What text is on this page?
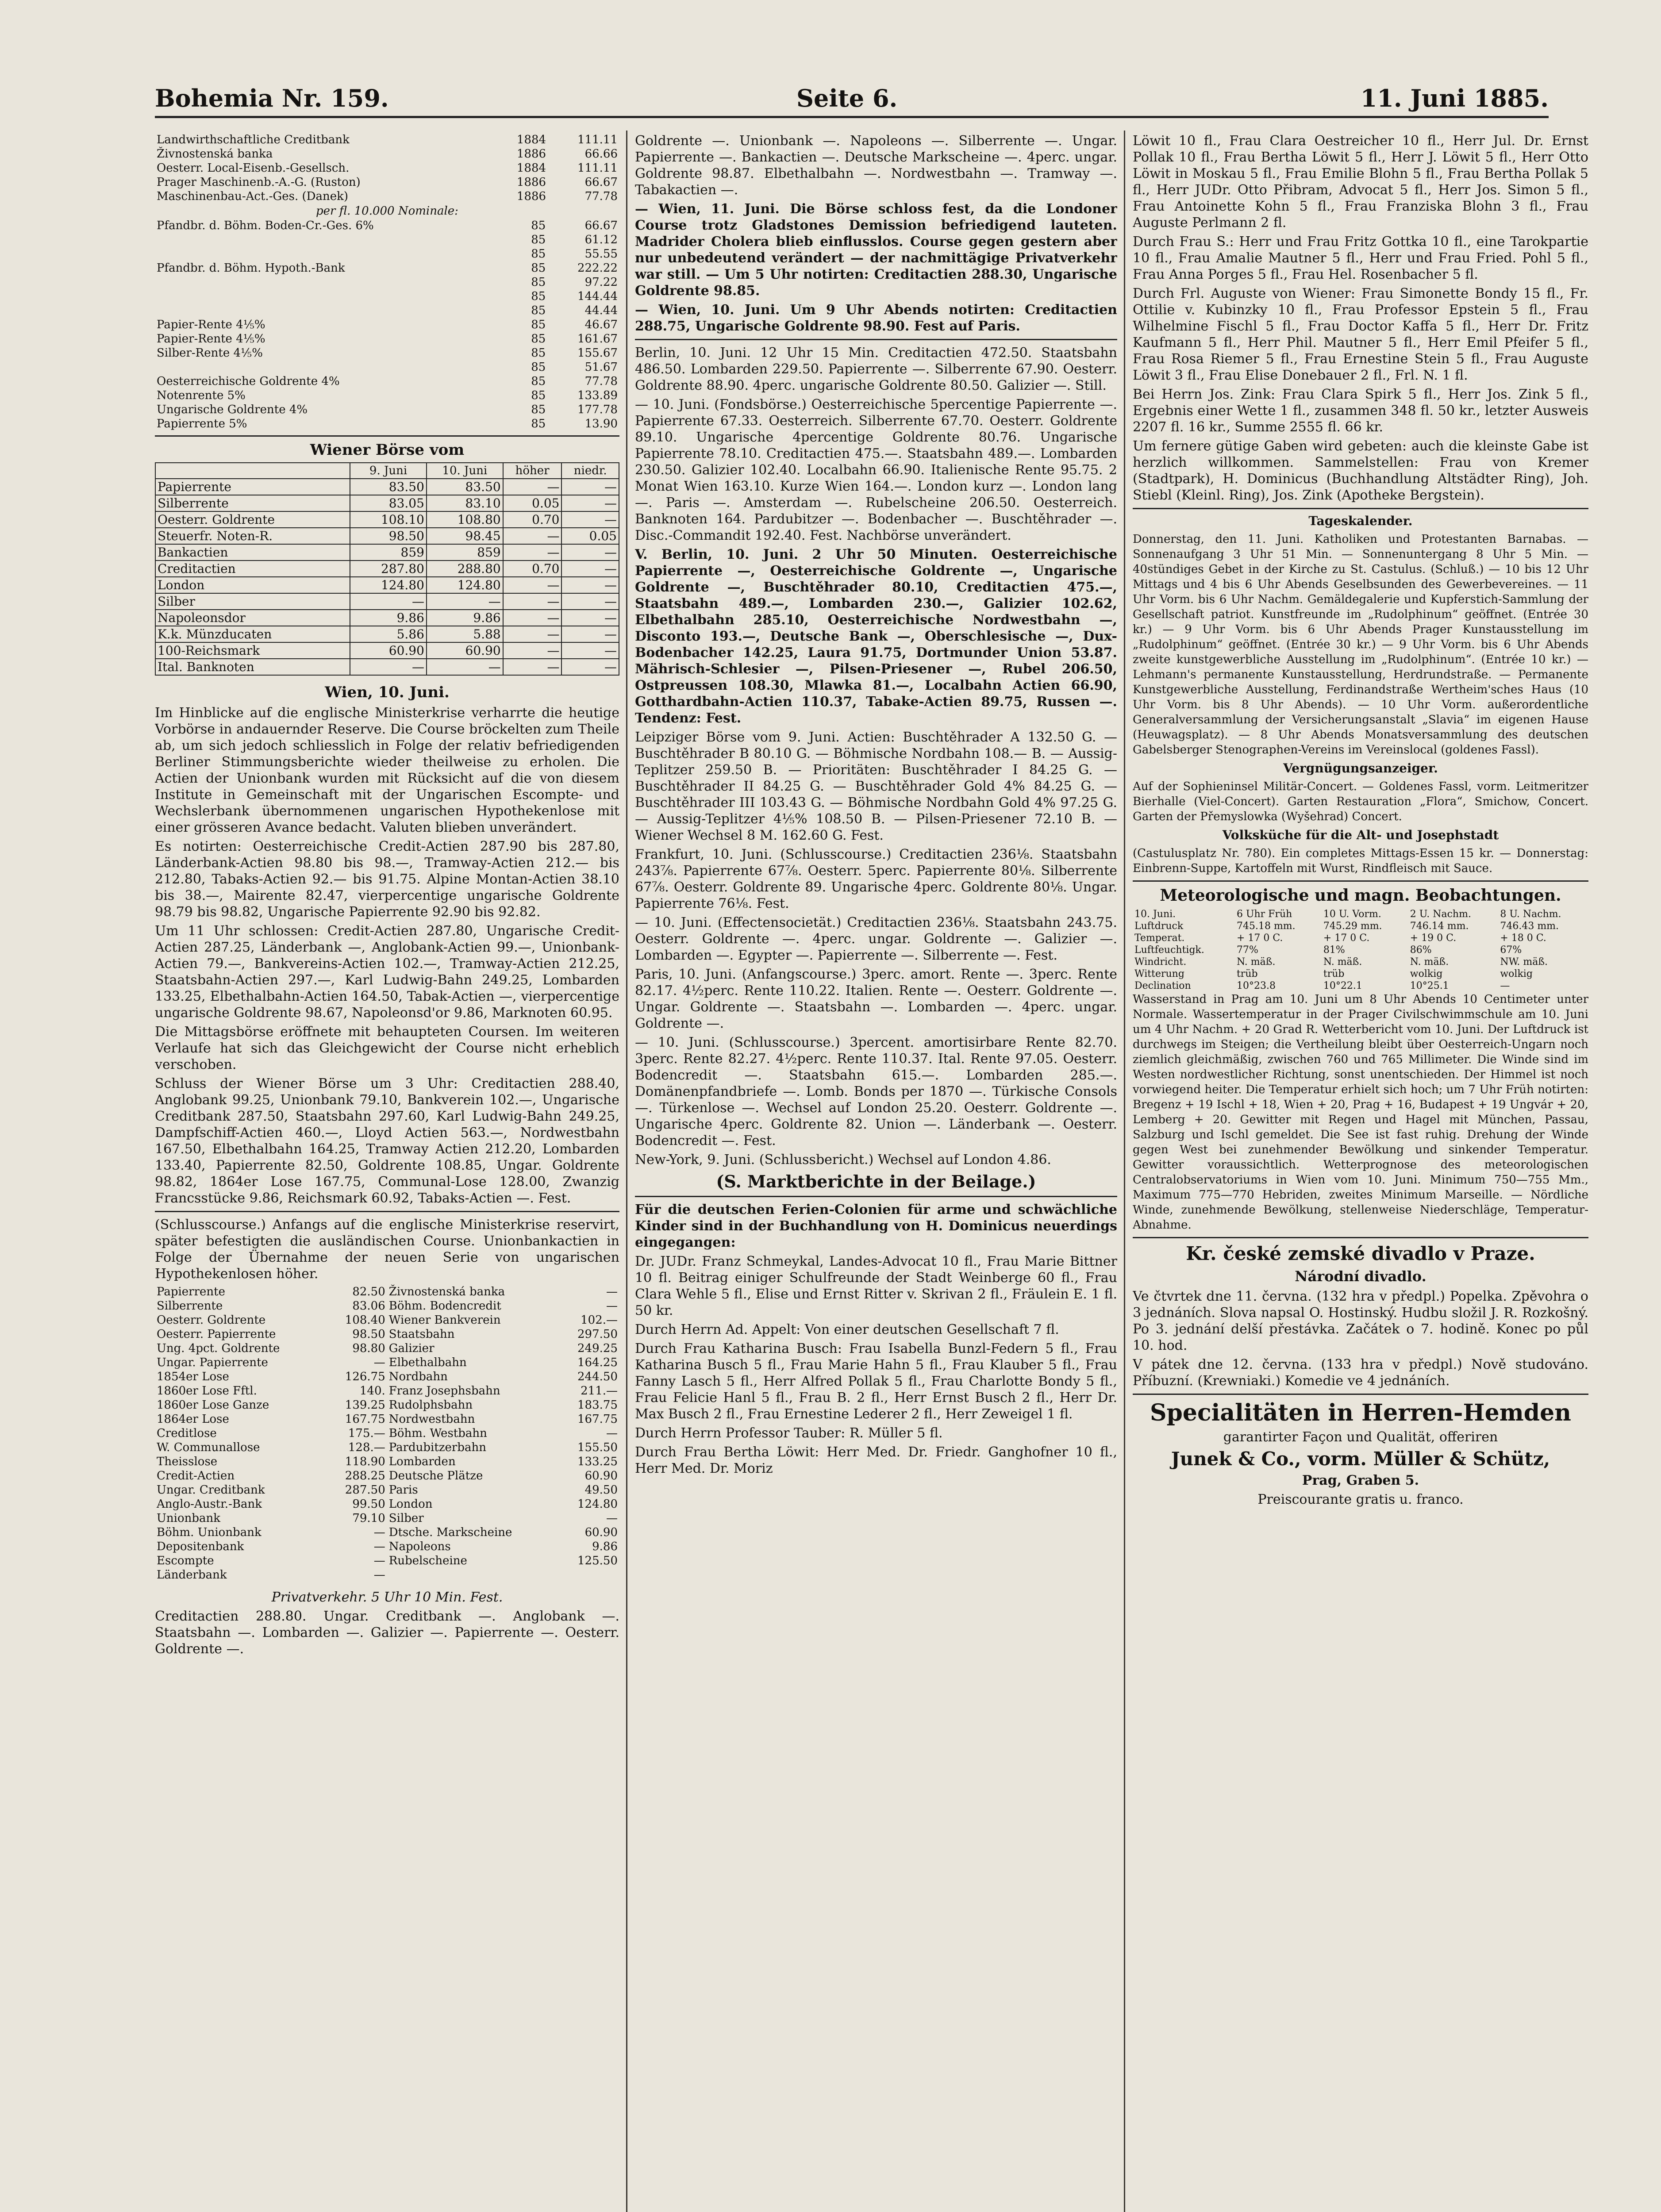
Bohemia Nr. 159.	Seite 6.	11. Juni 1885.
Landwirthschaftliche Creditbank	1884	111.11
Živnostenská banka	1886	66.66
Oesterr. Local-Eisenb.-Gesellsch.	1884	111.11
Prager Maschinenb.-A.-G. (Ruston)	1886	66.67
Maschinenbau-Act.-Ges. (Danek)	1886	77.78

per fl. 10.000 Nominale:

Pfandbr. d. Böhm. Boden-Cr.-Ges. 6%	85	66.67
	85	61.12
	85	55.55
Pfandbr. d. Böhm. Hypoth.-Bank	85	222.22
	85	97.22
	85	144.44
	85	44.44
Papier-Rente 4⅕%	85	46.67
Papier-Rente 4⅕%	85	161.67
Silber-Rente 4⅕%	85	155.67
	85	51.67
Oesterreichische Goldrente 4%	85	77.78
Notenrente 5%	85	133.89
Ungarische Goldrente 4%	85	177.78
Papierrente 5%	85	13.90
Wiener Börse vom
	9. Juni	10. Juni	höher	niedr.
Papierrente	83.50	83.50	—	—
Silberrente	83.05	83.10	0.05	—
Oesterr. Goldrente	108.10	108.80	0.70	—
Steuerfr. Noten-R.	98.50	98.45	—	0.05
Bankactien	859	859	—	—
Creditactien	287.80	288.80	0.70	—
London	124.80	124.80	—	—
Silber	—	—	—	—
Napoleonsdor	9.86	9.86	—	—
K.k. Münzducaten	5.86	5.88	—	—
100-Reichsmark	60.90	60.90	—	—
Ital. Banknoten	—	—	—	—
Wien, 10. Juni.

Im Hinblicke auf die englische Ministerkrise verharrte die heutige Vorbörse in andauernder Reserve. Die Course bröckelten zum Theile ab, um sich jedoch schliesslich in Folge der relativ befriedigenden Berliner Stimmungsberichte wieder theilweise zu erholen. Die Actien der Unionbank wurden mit Rücksicht auf die von diesem Institute in Gemeinschaft mit der Ungarischen Escompte- und Wechslerbank übernommenen ungarischen Hypothekenlose mit einer grösseren Avance bedacht. Valuten blieben unverändert.

Es notirten: Oesterreichische Credit-Actien 287.90 bis 287.80, Länderbank-Actien 98.80 bis 98.—, Tramway-Actien 212.— bis 212.80, Tabaks-Actien 92.— bis 91.75. Alpine Montan-Actien 38.10 bis 38.—, Mairente 82.47, vierpercentige ungarische Goldrente 98.79 bis 98.82, Ungarische Papierrente 92.90 bis 92.82.

Um 11 Uhr schlossen: Credit-Actien 287.80, Ungarische Credit-Actien 287.25, Länderbank —, Anglobank-Actien 99.—, Unionbank-Actien 79.—, Bankvereins-Actien 102.—, Tramway-Actien 212.25, Staatsbahn-Actien 297.—, Karl Ludwig-Bahn 249.25, Lombarden 133.25, Elbethalbahn-Actien 164.50, Tabak-Actien —, vierpercentige ungarische Goldrente 98.67, Napoleonsd'or 9.86, Marknoten 60.95.

Die Mittagsbörse eröffnete mit behaupteten Coursen. Im weiteren Verlaufe hat sich das Gleichgewicht der Course nicht erheblich verschoben.

Schluss der Wiener Börse um 3 Uhr: Creditactien 288.40, Anglobank 99.25, Unionbank 79.10, Bankverein 102.—, Ungarische Creditbank 287.50, Staatsbahn 297.60, Karl Ludwig-Bahn 249.25, Dampfschiff-Actien 460.—, Lloyd Actien 563.—, Nordwestbahn 167.50, Elbethalbahn 164.25, Tramway Actien 212.20, Lombarden 133.40, Papierrente 82.50, Goldrente 108.85, Ungar. Goldrente 98.82, 1864er Lose 167.75, Communal-Lose 128.00, Zwanzig Francsstücke 9.86, Reichsmark 60.92, Tabaks-Actien —. Fest.

(Schlusscourse.) Anfangs auf die englische Ministerkrise reservirt, später befestigten die ausländischen Course. Unionbankactien in Folge der Übernahme der neuen Serie von ungarischen Hypothekenlosen höher.

Papierrente	82.50	Živnostenská banka	—
Silberrente	83.06	Böhm. Bodencredit	—
Oesterr. Goldrente	108.40	Wiener Bankverein	102.—
Oesterr. Papierrente	98.50	Staatsbahn	297.50
Ung. 4pct. Goldrente	98.80	Galizier	249.25
Ungar. Papierrente	—	Elbethalbahn	164.25
1854er Lose	126.75	Nordbahn	244.50
1860er Lose Fftl.	140.	Franz Josephsbahn	211.—
1860er Lose Ganze	139.25	Rudolphsbahn	183.75
1864er Lose	167.75	Nordwestbahn	167.75
Creditlose	175.—	Böhm. Westbahn	—
W. Communallose	128.—	Pardubitzerbahn	155.50
Theisslose	118.90	Lombarden	133.25
Credit-Actien	288.25	Deutsche Plätze	60.90
Ungar. Creditbank	287.50	Paris	49.50
Anglo-Austr.-Bank	99.50	London	124.80
Unionbank	79.10	Silber	—
Böhm. Unionbank	—	Dtsche. Markscheine	60.90
Depositenbank	—	Napoleons	9.86
Escompte	—	Rubelscheine	125.50
Länderbank	—		

Privatverkehr. 5 Uhr 10 Min. Fest.

Creditactien 288.80. Ungar. Creditbank —. Anglobank —. Staatsbahn —. Lombarden —. Galizier —. Papierrente —. Oesterr. Goldrente —.

Goldrente —. Unionbank —. Napoleons —. Silberrente —. Ungar. Papierrente —. Bankactien —. Deutsche Markscheine —. 4perc. ungar. Goldrente 98.87. Elbethalbahn —. Nordwestbahn —. Tramway —. Tabakactien —.

— Wien, 11. Juni. Die Börse schloss fest, da die Londoner Course trotz Gladstones Demission befriedigend lauteten. Madrider Cholera blieb einflusslos. Course gegen gestern aber nur unbedeutend verändert — der nachmittägige Privatverkehr war still. — Um 5 Uhr notirten: Creditactien 288.30, Ungarische Goldrente 98.85.

— Wien, 10. Juni. Um 9 Uhr Abends notirten: Creditactien 288.75, Ungarische Goldrente 98.90. Fest auf Paris.

Berlin, 10. Juni. 12 Uhr 15 Min. Creditactien 472.50. Staatsbahn 486.50. Lombarden 229.50. Papierrente —. Silberrente 67.90. Oesterr. Goldrente 88.90. 4perc. ungarische Goldrente 80.50. Galizier —. Still.

— 10. Juni. (Fondsbörse.) Oesterreichische 5percentige Papierrente —. Papierrente 67.33. Oesterreich. Silberrente 67.70. Oesterr. Goldrente 89.10. Ungarische 4percentige Goldrente 80.76. Ungarische Papierrente 78.10. Creditactien 475.—. Staatsbahn 489.—. Lombarden 230.50. Galizier 102.40. Localbahn 66.90. Italienische Rente 95.75. 2 Monat Wien 163.10. Kurze Wien 164.—. London kurz —. London lang —. Paris —. Amsterdam —. Rubelscheine 206.50. Oesterreich. Banknoten 164. Pardubitzer —. Bodenbacher —. Buschtěhrader —. Disc.-Commandit 192.40. Fest. Nachbörse unverändert.

V. Berlin, 10. Juni. 2 Uhr 50 Minuten. Oesterreichische Papierrente —, Oesterreichische Goldrente —, Ungarische Goldrente —, Buschtěhrader 80.10, Creditactien 475.—, Staatsbahn 489.—, Lombarden 230.—, Galizier 102.62, Elbethalbahn 285.10, Oesterreichische Nordwestbahn —, Disconto 193.—, Deutsche Bank —, Oberschlesische —, Dux-Bodenbacher 142.25, Laura 91.75, Dortmunder Union 53.87. Mährisch-Schlesier —, Pilsen-Priesener —, Rubel 206.50, Ostpreussen 108.30, Mlawka 81.—, Localbahn Actien 66.90, Gotthardbahn-Actien 110.37, Tabake-Actien 89.75, Russen —. Tendenz: Fest.

Leipziger Börse vom 9. Juni. Actien: Buschtěhrader A 132.50 G. — Buschtěhrader B 80.10 G. — Böhmische Nordbahn 108.— B. — Aussig-Teplitzer 259.50 B. — Prioritäten: Buschtěhrader I 84.25 G. — Buschtěhrader II 84.25 G. — Buschtěhrader Gold 4% 84.25 G. — Buschtěhrader III 103.43 G. — Böhmische Nordbahn Gold 4% 97.25 G. — Aussig-Teplitzer 4⅕% 108.50 B. — Pilsen-Priesener 72.10 B. — Wiener Wechsel 8 M. 162.60 G. Fest.

Frankfurt, 10. Juni. (Schlusscourse.) Creditactien 236⅛. Staatsbahn 243⅞. Papierrente 67⅞. Oesterr. 5perc. Papierrente 80⅛. Silberrente 67⅞. Oesterr. Goldrente 89. Ungarische 4perc. Goldrente 80⅛. Ungar. Papierrente 76⅛. Fest.

— 10. Juni. (Effectensocietät.) Creditactien 236⅛. Staatsbahn 243.75. Oesterr. Goldrente —. 4perc. ungar. Goldrente —. Galizier —. Lombarden —. Egypter —. Papierrente —. Silberrente —. Fest.

Paris, 10. Juni. (Anfangscourse.) 3perc. amort. Rente —. 3perc. Rente 82.17. 4½perc. Rente 110.22. Italien. Rente —. Oesterr. Goldrente —. Ungar. Goldrente —. Staatsbahn —. Lombarden —. 4perc. ungar. Goldrente —.

— 10. Juni. (Schlusscourse.) 3percent. amortisirbare Rente 82.70. 3perc. Rente 82.27. 4½perc. Rente 110.37. Ital. Rente 97.05. Oesterr. Bodencredit —. Staatsbahn 615.—. Lombarden 285.—. Domänenpfandbriefe —. Lomb. Bonds per 1870 —. Türkische Consols —. Türkenlose —. Wechsel auf London 25.20. Oesterr. Goldrente —. Ungarische 4perc. Goldrente 82. Union —. Länderbank —. Oesterr. Bodencredit —. Fest.

New-York, 9. Juni. (Schlussbericht.) Wechsel auf London 4.86.

(S. Marktberichte in der Beilage.)

Für die deutschen Ferien-Colonien für arme und schwächliche Kinder sind in der Buchhandlung von H. Dominicus neuerdings eingegangen:

Dr. JUDr. Franz Schmeykal, Landes-Advocat 10 fl., Frau Marie Bittner 10 fl. Beitrag einiger Schulfreunde der Stadt Weinberge 60 fl., Frau Clara Wehle 5 fl., Elise und Ernst Ritter v. Skrivan 2 fl., Fräulein E. 1 fl. 50 kr.

Durch Herrn Ad. Appelt: Von einer deutschen Gesellschaft 7 fl.

Durch Frau Katharina Busch: Frau Isabella Bunzl-Federn 5 fl., Frau Katharina Busch 5 fl., Frau Marie Hahn 5 fl., Frau Klauber 5 fl., Frau Fanny Lasch 5 fl., Herr Alfred Pollak 5 fl., Frau Charlotte Bondy 5 fl., Frau Felicie Hanl 5 fl., Frau B. 2 fl., Herr Ernst Busch 2 fl., Herr Dr. Max Busch 2 fl., Frau Ernestine Lederer 2 fl., Herr Zeweigel 1 fl.

Durch Herrn Professor Tauber: R. Müller 5 fl.

Durch Frau Bertha Löwit: Herr Med. Dr. Friedr. Ganghofner 10 fl., Herr Med. Dr. Moriz

Löwit 10 fl., Frau Clara Oestreicher 10 fl., Herr Jul. Dr. Ernst Pollak 10 fl., Frau Bertha Löwit 5 fl., Herr J. Löwit 5 fl., Herr Otto Löwit in Moskau 5 fl., Frau Emilie Blohn 5 fl., Frau Bertha Pollak 5 fl., Herr JUDr. Otto Přibram, Advocat 5 fl., Herr Jos. Simon 5 fl., Frau Antoinette Kohn 5 fl., Frau Franziska Blohn 3 fl., Frau Auguste Perlmann 2 fl.

Durch Frau S.: Herr und Frau Fritz Gottka 10 fl., eine Tarokpartie 10 fl., Frau Amalie Mautner 5 fl., Herr und Frau Fried. Pohl 5 fl., Frau Anna Porges 5 fl., Frau Hel. Rosenbacher 5 fl.

Durch Frl. Auguste von Wiener: Frau Simonette Bondy 15 fl., Fr. Ottilie v. Kubinzky 10 fl., Frau Professor Epstein 5 fl., Frau Wilhelmine Fischl 5 fl., Frau Doctor Kaffa 5 fl., Herr Dr. Fritz Kaufmann 5 fl., Herr Phil. Mautner 5 fl., Herr Emil Pfeifer 5 fl., Frau Rosa Riemer 5 fl., Frau Ernestine Stein 5 fl., Frau Auguste Löwit 3 fl., Frau Elise Donebauer 2 fl., Frl. N. 1 fl.

Bei Herrn Jos. Zink: Frau Clara Spirk 5 fl., Herr Jos. Zink 5 fl., Ergebnis einer Wette 1 fl., zusammen 348 fl. 50 kr., letzter Ausweis 2207 fl. 16 kr., Summe 2555 fl. 66 kr.

Um fernere gütige Gaben wird gebeten: auch die kleinste Gabe ist herzlich willkommen. Sammelstellen: Frau von Kremer (Stadtpark), H. Dominicus (Buchhandlung Altstädter Ring), Joh. Stiebl (Kleinl. Ring), Jos. Zink (Apotheke Bergstein).

Tageskalender.

Donnerstag, den 11. Juni. Katholiken und Protestanten Barnabas. — Sonnenaufgang 3 Uhr 51 Min. — Sonnenuntergang 8 Uhr 5 Min. — 40stündiges Gebet in der Kirche zu St. Castulus. (Schluß.) — 10 bis 12 Uhr Mittags und 4 bis 6 Uhr Abends Geselbsunden des Gewerbevereines. — 11 Uhr Vorm. bis 6 Uhr Nachm. Gemäldegalerie und Kupferstich-Sammlung der Gesellschaft patriot. Kunstfreunde im „Rudolphinum“ geöffnet. (Entrée 30 kr.) — 9 Uhr Vorm. bis 6 Uhr Abends Prager Kunstausstellung im „Rudolphinum“ geöffnet. (Entrée 30 kr.) — 9 Uhr Vorm. bis 6 Uhr Abends zweite kunstgewerbliche Ausstellung im „Rudolphinum“. (Entrée 10 kr.) — Lehmann's permanente Kunstausstellung, Herdrundstraße. — Permanente Kunstgewerbliche Ausstellung, Ferdinandstraße Wertheim'sches Haus (10 Uhr Vorm. bis 8 Uhr Abends). — 10 Uhr Vorm. außerordentliche Generalversammlung der Versicherungsanstalt „Slavia“ im eigenen Hause (Heuwagsplatz). — 8 Uhr Abends Monatsversammlung des deutschen Gabelsberger Stenographen-Vereins im Vereinslocal (goldenes Fassl).

Vergnügungsanzeiger.

Auf der Sophieninsel Militär-Concert. — Goldenes Fassl, vorm. Leitmeritzer Bierhalle (Viel-Concert). Garten Restauration „Flora“, Smichow, Concert. Garten der Přemyslowka (Wyšehrad) Concert.

Volksküche für die Alt- und Josephstadt

(Castulusplatz Nr. 780). Ein completes Mittags-Essen 15 kr. — Donnerstag: Einbrenn-Suppe, Kartoffeln mit Wurst, Rindfleisch mit Sauce.

Meteorologische und magn. Beobachtungen.
10. Juni.	6 Uhr Früh	10 U. Vorm.	2 U. Nachm.	8 U. Nachm.
Luftdruck	745.18 mm.	745.29 mm.	746.14 mm.	746.43 mm.
Temperat.	+ 17 0 C.	+ 17 0 C.	+ 19 0 C.	+ 18 0 C.
Luftfeuchtigk.	77%	81%	86%	67%
Windricht.	N. mäß.	N. mäß.	N. mäß.	NW. mäß.
Witterung	trüb	trüb	wolkig	wolkig
Declination	10°23.8	10°22.1	10°25.1	—

Wasserstand in Prag am 10. Juni um 8 Uhr Abends 10 Centimeter unter Normale. Wassertemperatur in der Prager Civilschwimmschule am 10. Juni um 4 Uhr Nachm. + 20 Grad R. Wetterbericht vom 10. Juni. Der Luftdruck ist durchwegs im Steigen; die Vertheilung bleibt über Oesterreich-Ungarn noch ziemlich gleichmäßig, zwischen 760 und 765 Millimeter. Die Winde sind im Westen nordwestlicher Richtung, sonst unentschieden. Der Himmel ist noch vorwiegend heiter. Die Temperatur erhielt sich hoch; um 7 Uhr Früh notirten: Bregenz + 19 Ischl + 18, Wien + 20, Prag + 16, Budapest + 19 Ungvár + 20, Lemberg + 20. Gewitter mit Regen und Hagel mit München, Passau, Salzburg und Ischl gemeldet. Die See ist fast ruhig. Drehung der Winde gegen West bei zunehmender Bewölkung und sinkender Temperatur. Gewitter voraussichtlich. Wetterprognose des meteorologischen Centralobservatoriums in Wien vom 10. Juni. Minimum 750—755 Mm., Maximum 775—770 Hebriden, zweites Minimum Marseille. — Nördliche Winde, zunehmende Bewölkung, stellenweise Niederschläge, Temperatur-Abnahme.

Kr. české zemské divadlo v Praze.
Národní divadlo.

Ve čtvrtek dne 11. června. (132 hra v předpl.) Popelka. Zpěvohra o 3 jednáních. Slova napsal O. Hostinský. Hudbu složil J. R. Rozkošný. Po 3. jednání delší přestávka. Začátek o 7. hodině. Konec po půl 10. hod.

V pátek dne 12. června. (133 hra v předpl.) Nově studováno. Příbuzní. (Krewniaki.) Komedie ve 4 jednáních.

Specialitäten in Herren-Hemden

garantirter Façon und Qualität, offeriren

Junek & Co., vorm. Müller & Schütz,

Prag, Graben 5.

Preiscourante gratis u. franco.
